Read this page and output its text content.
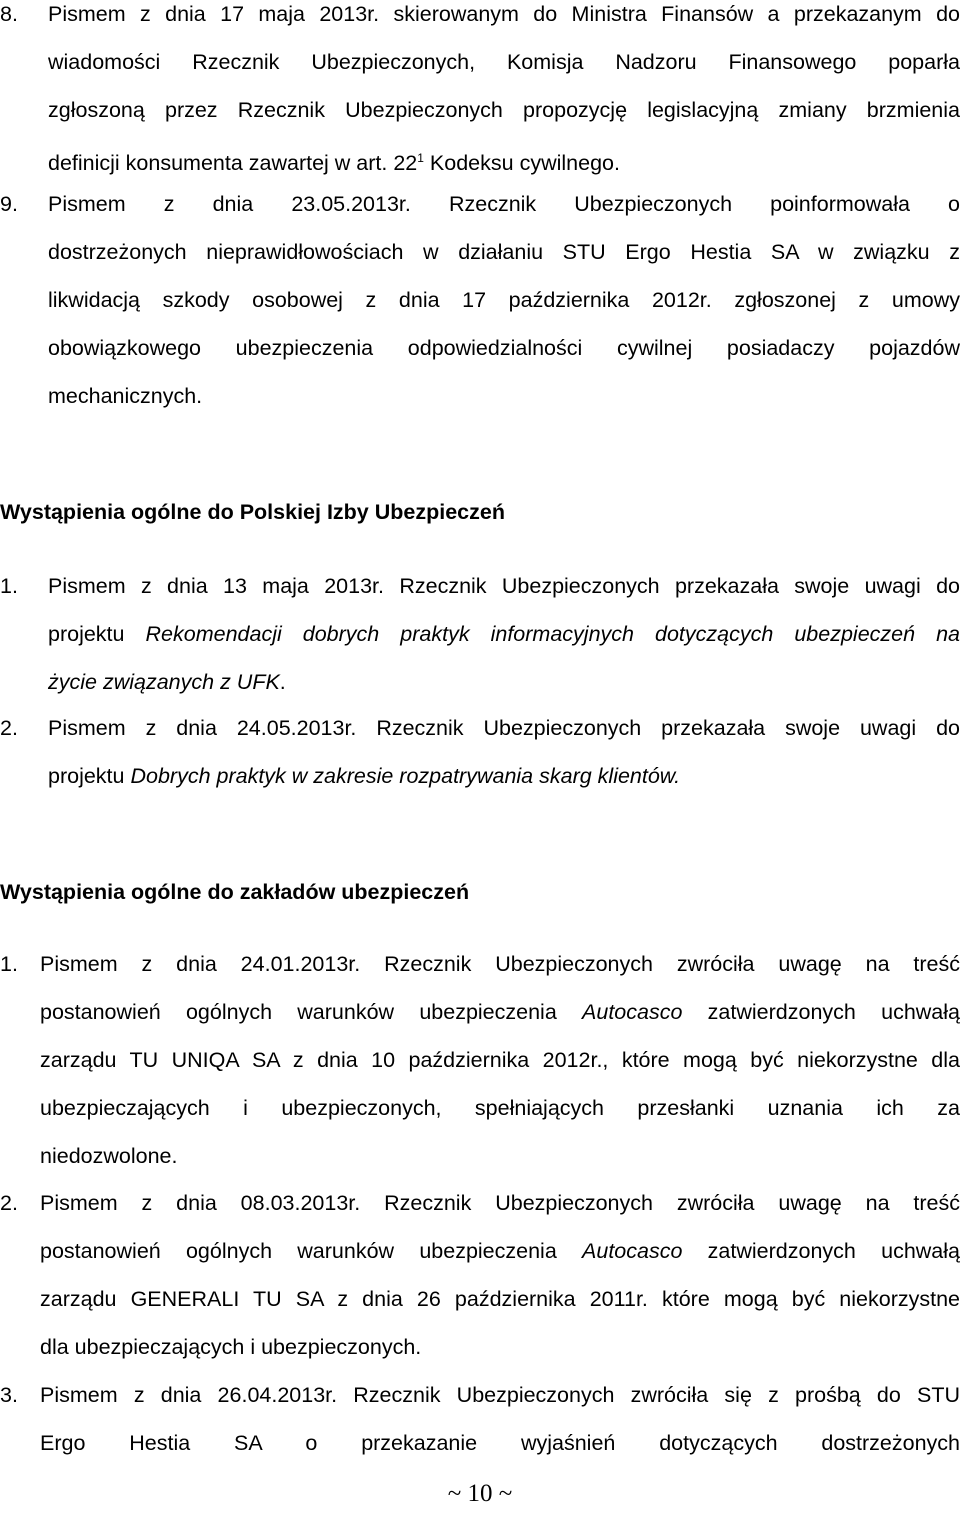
8. Pismem z dnia 17 maja 2013r. skierowanym do Ministra Finansów a przekazanym do
wiadomości Rzecznik Ubezpieczonych, Komisja Nadzoru Finansowego poparła
zgłoszoną przez Rzecznik Ubezpieczonych propozycję legislacyjną zmiany brzmienia
definicji konsumenta zawartej w art. $22^1$ Kodeksu cywilnego.
9. Pismem z dnia 23.05.2013r. Rzecznik Ubezpieczonych poinformowała o
dostrzeżonych nieprawidłowościach w działaniu STU Ergo Hestia SA w związku z
likwidacją szkody osobowej z dnia 17 października 2012r. zgłoszonej z umowy
obowiązkowego ubezpieczenia odpowiedzialności cywilnej posiadaczy pojazdów
mechanicznych.
Wystąpienia ogólne do Polskiej Izby Ubezpieczeń
1. Pismem z dnia 13 maja 2013r. Rzecznik Ubezpieczonych przekazała swoje uwagi do
projektu Rekomendacji dobrych praktyk informacyjnych dotyczących ubezpieczeń na
życie związanych z UFK.
2. Pismem z dnia 24.05.2013r. Rzecznik Ubezpieczonych przekazała swoje uwagi do
projektu Dobrych praktyk w zakresie rozpatrywania skarg klientów.
Wystąpienia ogólne do zakładów ubezpieczeń
1. Pismem z dnia 24.01.2013r. Rzecznik Ubezpieczonych zwróciła uwagę na treść
postanowień ogólnych warunków ubezpieczenia Autocasco zatwierdzonych uchwałą
zarządu TU UNIQA SA z dnia 10 października 2012r., które mogą być niekorzystne dla
ubezpieczających i ubezpieczonych, spełniających przesłanki uznania ich za
niedozwolone.
2. Pismem z dnia 08.03.2013r. Rzecznik Ubezpieczonych zwróciła uwagę na treść
postanowień ogólnych warunków ubezpieczenia Autocasco zatwierdzonych uchwałą
zarządu GENERALI TU SA z dnia 26 października 2011r. które mogą być niekorzystne
dla ubezpieczających i ubezpieczonych.
3. Pismem z dnia 26.04.2013r. Rzecznik Ubezpieczonych zwróciła się z prośbą do STU
Ergo Hestia SA o przekazanie wyjaśnień dotyczących dostrzeżonych
~ 10 ~
